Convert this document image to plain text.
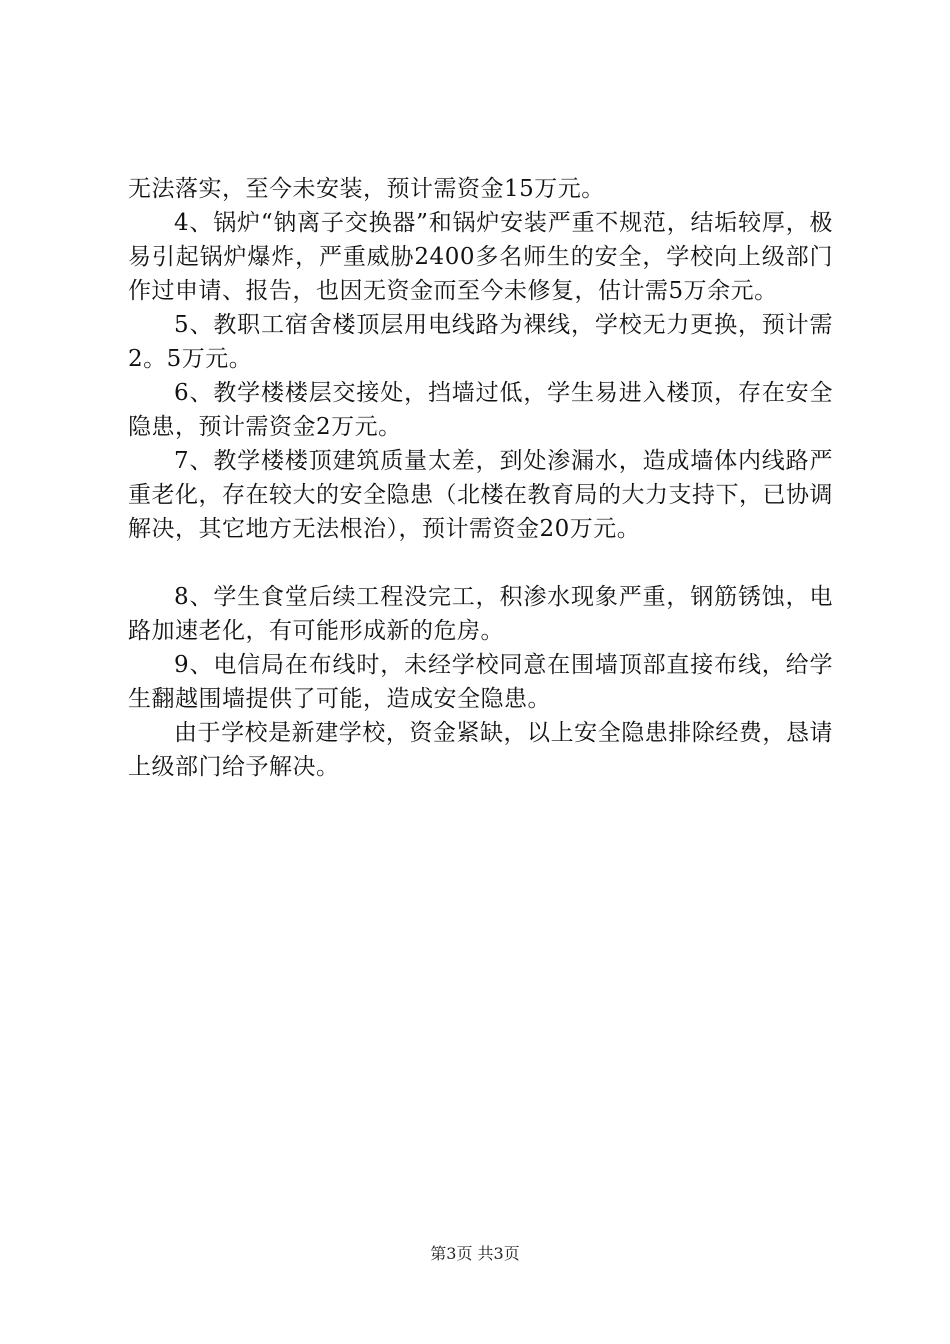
无法落实，至今未安装，预计需资金15万元。

4、锅炉“钠离子交换器”和锅炉安装严重不规范，结垢较厚，极易引起锅炉爆炸，严重威胁2400多名师生的安全，学校向上级部门作过申请、报告，也因无资金而至今未修复，估计需5万余元。

5、教职工宿舍楼顶层用电线路为裸线，学校无力更换，预计需2。5万元。

6、教学楼楼层交接处，挡墙过低，学生易进入楼顶，存在安全隐患，预计需资金2万元。

7、教学楼楼顶建筑质量太差，到处渗漏水，造成墙体内线路严重老化，存在较大的安全隐患（北楼在教育局的大力支持下，已协调解决，其它地方无法根治），预计需资金20万元。

8、学生食堂后续工程没完工，积渗水现象严重，钢筋锈蚀，电路加速老化，有可能形成新的危房。

9、电信局在布线时，未经学校同意在围墙顶部直接布线，给学生翻越围墙提供了可能，造成安全隐患。

由于学校是新建学校，资金紧缺，以上安全隐患排除经费，恳请上级部门给予解决。

第3页 共3页
